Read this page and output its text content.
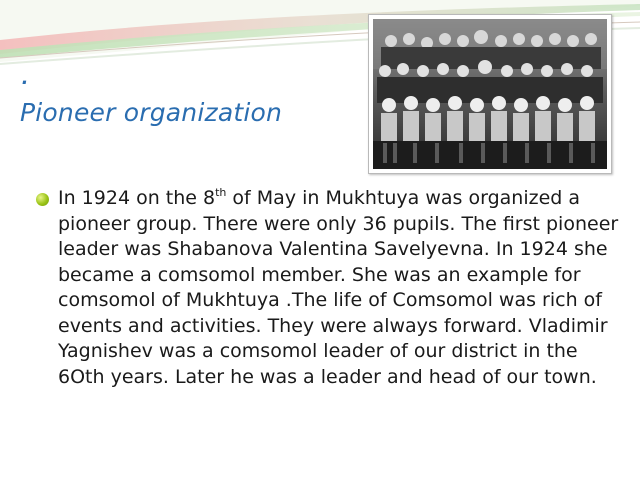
.
Pioneer organization

In 1924 on the 8th of May in Mukhtuya was organized a pioneer group. There were only 36 pupils. The first pioneer leader was Shabanova Valentina Savelyevna. In 1924 she became a comsomol member. She was an example for comsomol of Mukhtuya .The life of Comsomol was rich of events and activities. They were always forward. Vladimir Yagnishev was a comsomol leader of our district in the 6Oth years. Later he was a leader and head of our town.
